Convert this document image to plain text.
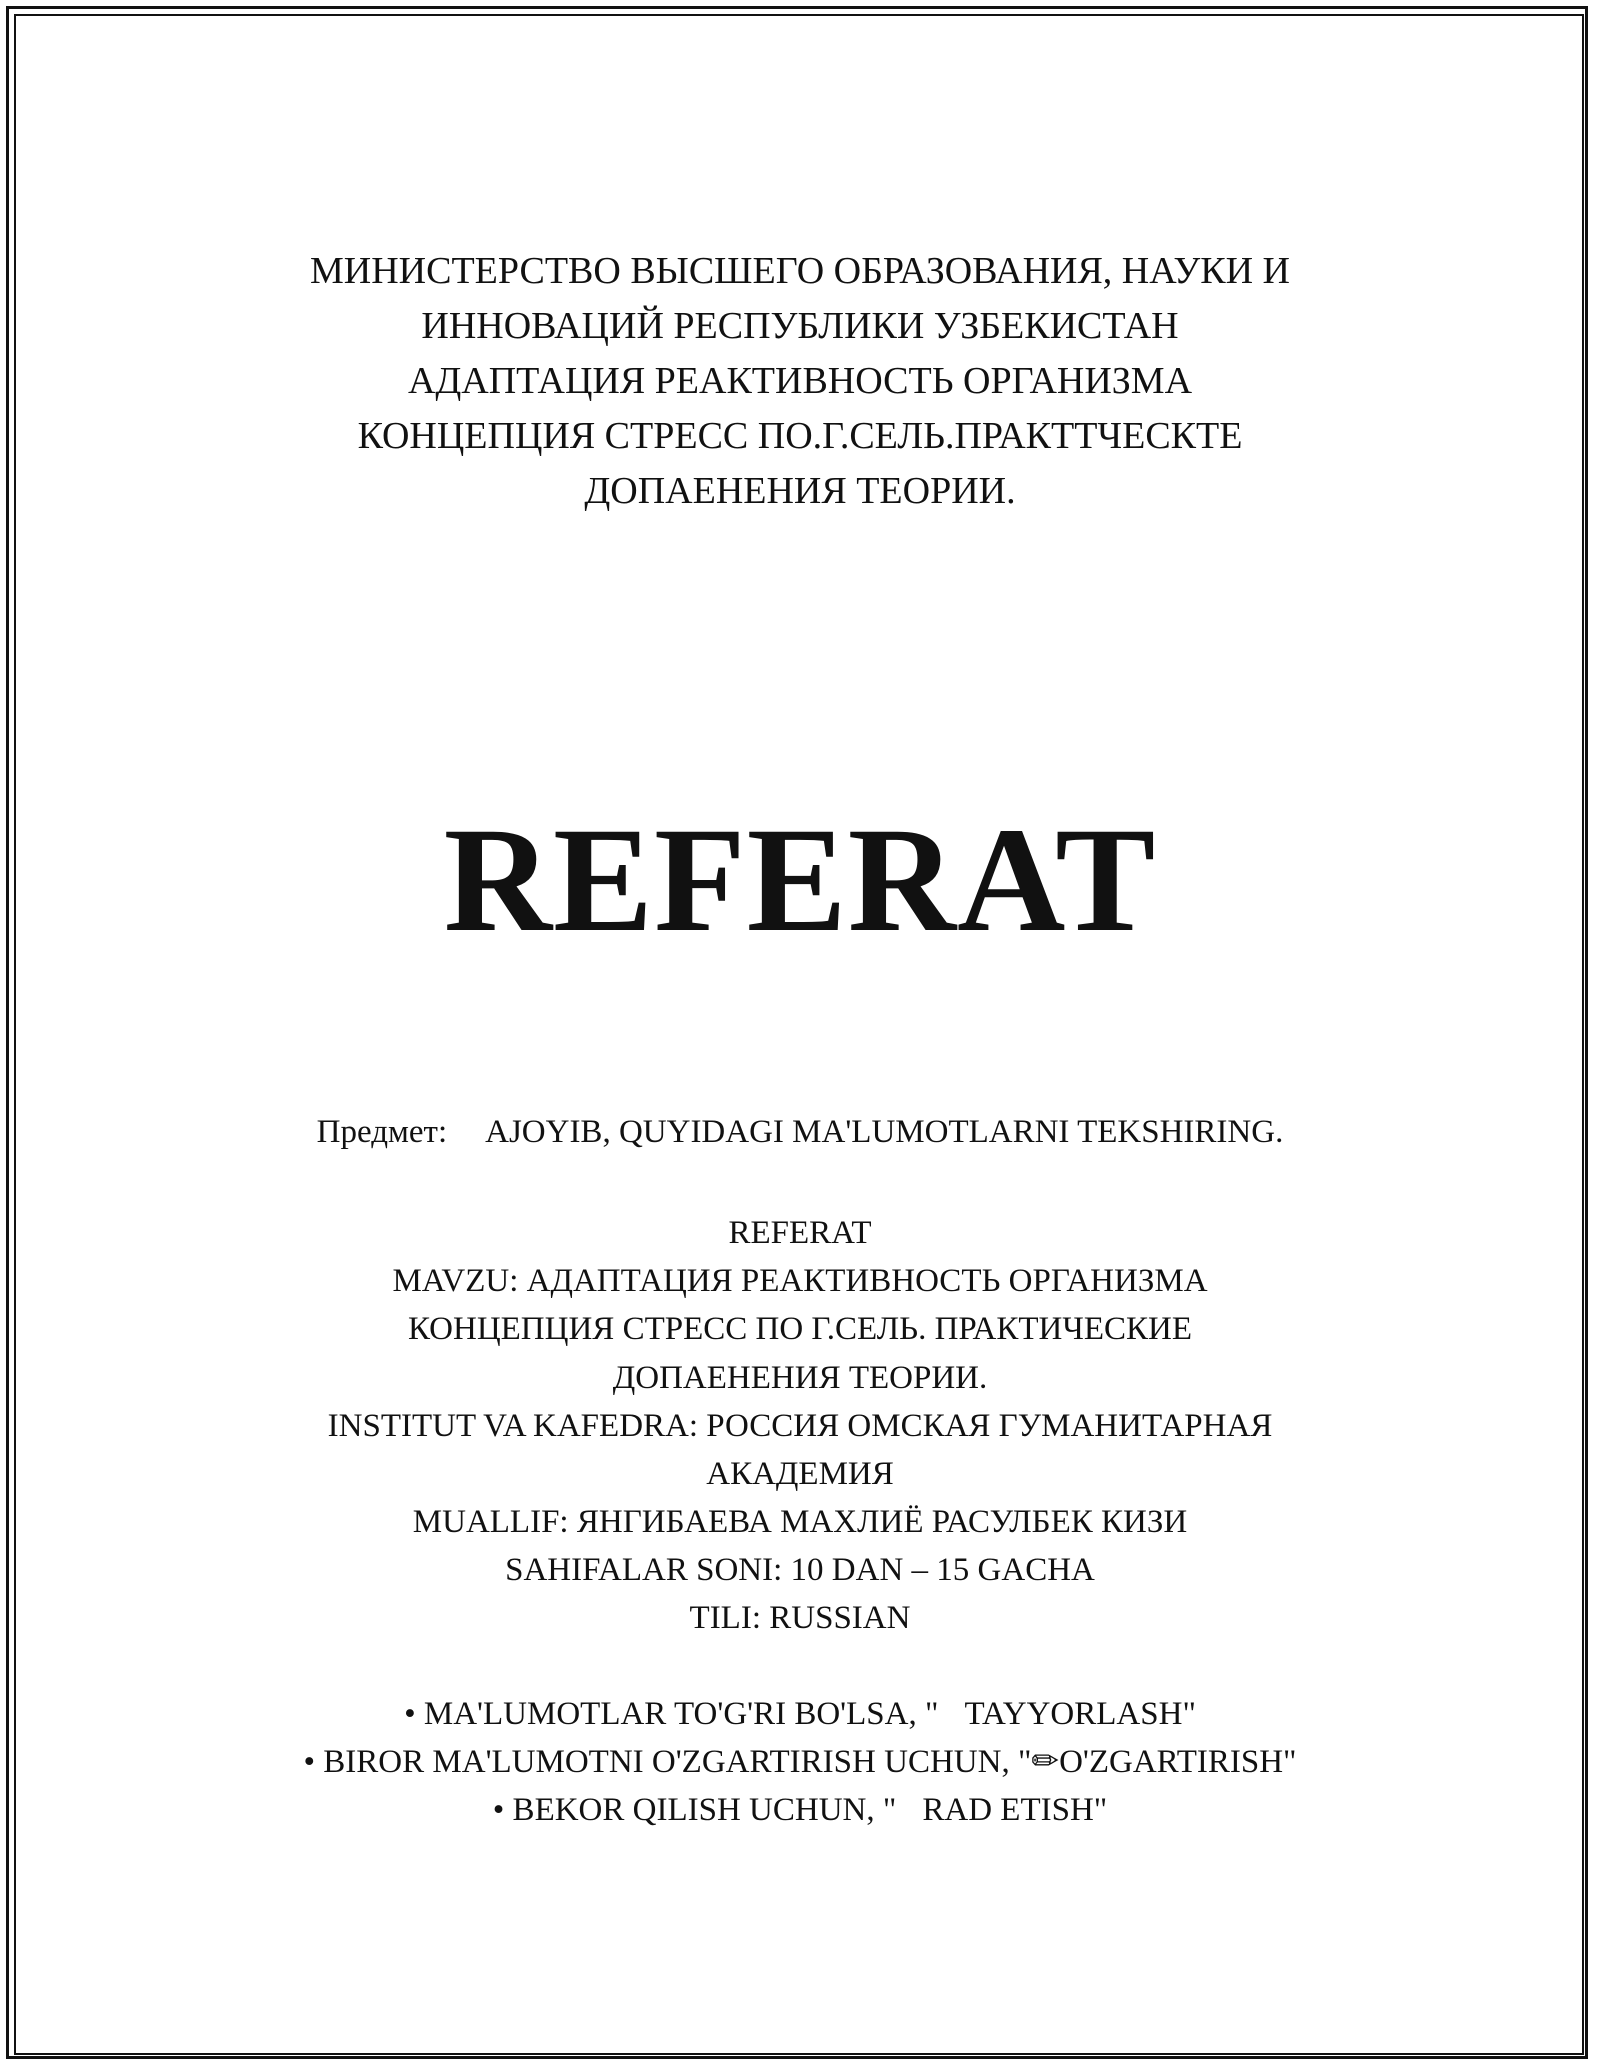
МИНИСТЕРСТВО ВЫСШЕГО ОБРАЗОВАНИЯ, НАУКИ И
ИННОВАЦИЙ РЕСПУБЛИКИ УЗБЕКИСТАН
АДАПТАЦИЯ РЕАКТИВНОСТЬ ОРГАНИЗМА
КОНЦЕПЦИЯ СТРЕСС ПО.Г.СЕЛЬ.ПРАКТТЧЕСКТЕ
ДОПАЕНЕНИЯ ТЕОРИИ.
REFERAT
Предмет: AJOYIB, QUYIDAGI MA'LUMOTLARNI TEKSHIRING.
REFERAT
MAVZU: АДАПТАЦИЯ РЕАКТИВНОСТЬ ОРГАНИЗМА
КОНЦЕПЦИЯ СТРЕСС ПО Г.СЕЛЬ. ПРАКТИЧЕСКИЕ
ДОПАЕНЕНИЯ ТЕОРИИ.
INSTITUT VA KAFEDRA: РОССИЯ ОМСКАЯ ГУМАНИТАРНАЯ
АКАДЕМИЯ
MUALLIF: ЯНГИБАЕВА МАХЛИЁ РАСУЛБЕК КИЗИ
SAHIFALAR SONI: 10 DAN – 15 GACHA
TILI: RUSSIAN
• MA'LUMOTLAR TO'G'RI BO'LSA, " TAYYORLASH"
• BIROR MA'LUMOTNI O'ZGARTIRISH UCHUN, "✏O'ZGARTIRISH"
• BEKOR QILISH UCHUN, " RAD ETISH"
